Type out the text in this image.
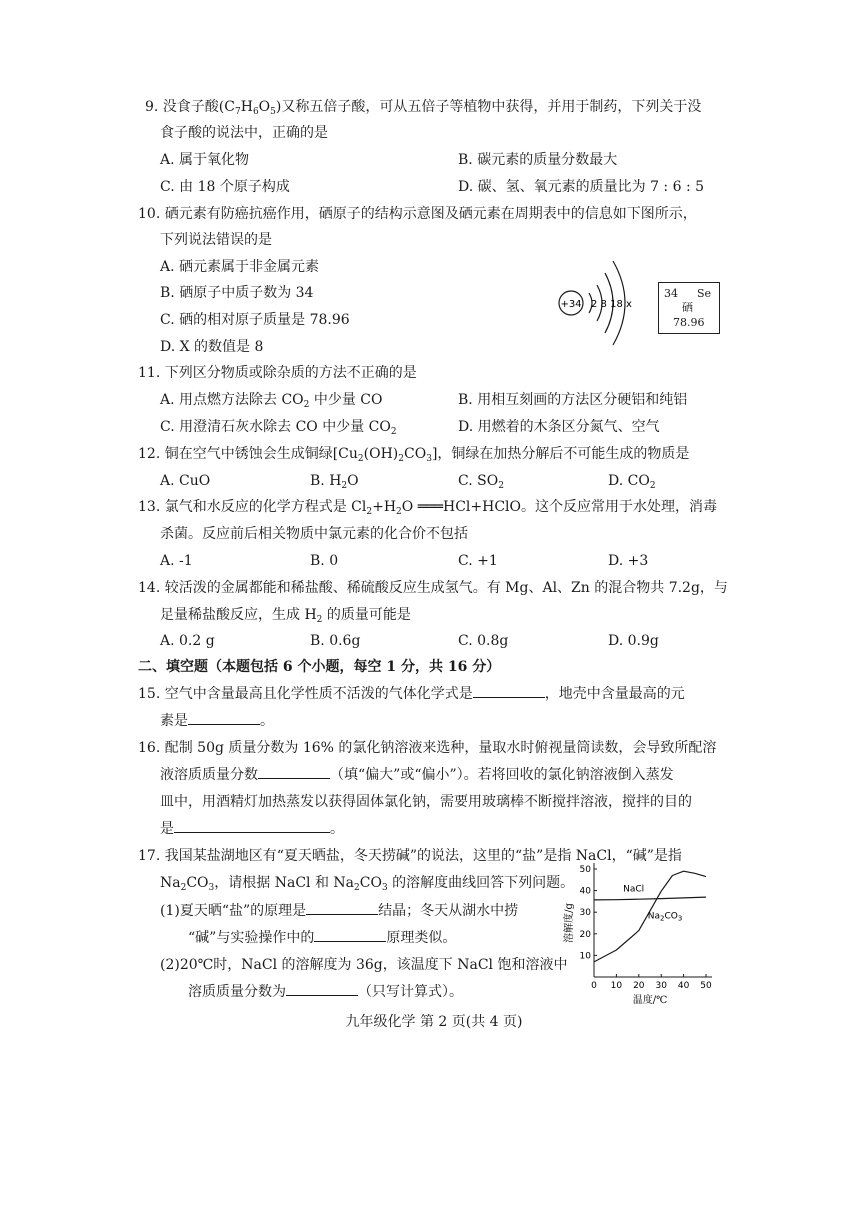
9. 没食子酸$(C_7H_6O_5)$又称五倍子酸，可从五倍子等植物中获得，并用于制药，下列关于没
食子酸的说法中，正确的是
A. 属于氧化物	B. 碳元素的质量分数最大
C. 由 18 个原子构成	D. 碳、氢、氧元素的质量比为 7 : 6 : 5
10. 硒元素有防癌抗癌作用，硒原子的结构示意图及硒元素在周期表中的信息如下图所示，
下列说法错误的是
A. 硒元素属于非金属元素
B. 硒原子中质子数为 34
C. 硒的相对原子质量是 78.96
D. X 的数值是 8
+34 2 8 18 x
34 Se
硒
78.96
11. 下列区分物质或除杂质的方法不正确的是
A. 用点燃方法除去 $CO_2$ 中少量 CO	B. 用相互刻画的方法区分硬铝和纯铝
C. 用澄清石灰水除去 CO 中少量 $CO_2$	D. 用燃着的木条区分氮气、空气
12. 铜在空气中锈蚀会生成铜绿$[Cu_2(OH)_2CO_3]$，铜绿在加热分解后不可能生成的物质是
A. CuO	B. $H_2O$	C. $SO_2$	D. $CO_2$
13. 氯气和水反应的化学方程式是 $Cl_2+H_2O$ ═══HCl+HClO。这个反应常用于水处理，消毒
杀菌。反应前后相关物质中氯元素的化合价不包括
A. -1	B. 0	C. +1	D. +3
14. 较活泼的金属都能和稀盐酸、稀硫酸反应生成氢气。有 Mg、Al、Zn 的混合物共 7.2g，与
足量稀盐酸反应，生成 $H_2$ 的质量可能是
A. 0.2 g	B. 0.6g	C. 0.8g	D. 0.9g
二、填空题（本题包括 6 个小题，每空 1 分，共 16 分）
15. 空气中含量最高且化学性质不活泼的气体化学式是	，地壳中含量最高的元
素是	。
16. 配制 50g 质量分数为 16% 的氯化钠溶液来选种，量取水时俯视量筒读数，会导致所配溶
液溶质质量分数	（填“偏大”或“偏小”）。若将回收的氯化钠溶液倒入蒸发
皿中，用酒精灯加热蒸发以获得固体氯化钠，需要用玻璃棒不断搅拌溶液，搅拌的目的
是	。
17. 我国某盐湖地区有“夏天晒盐，冬天捞碱”的说法，这里的“盐”是指 NaCl，“碱”是指
$Na_2CO_3$，请根据 NaCl 和 $Na_2CO_3$ 的溶解度曲线回答下列问题。
(1)夏天晒“盐”的原理是	结晶；冬天从湖水中捞
“碱”与实验操作中的	原理类似。
(2)20℃时，NaCl 的溶解度为 36g，该温度下 NaCl 饱和溶液中
溶质质量分数为	（只写计算式）。	0 10 20 30 40 50
10
20
30
40
50
温度/℃
溶解度/g
NaCl
$Na_2CO_3$
九年级化学 第 2 页(共 4 页)
